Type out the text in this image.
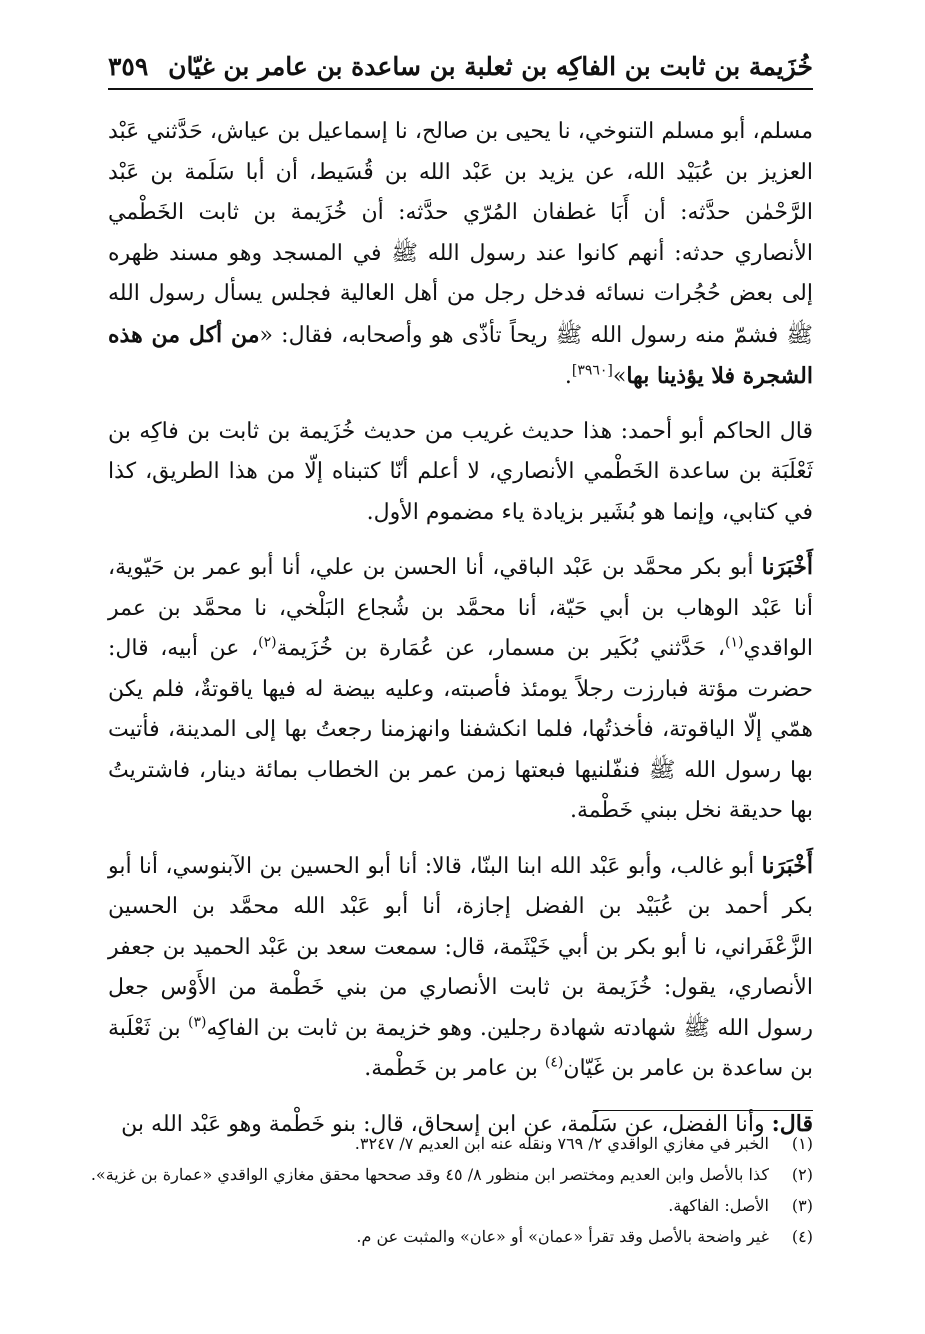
خُزَيمة بن ثابت بن الفاكِه بن ثعلبة بن ساعدة بن عامر بن غيّان
٣٥٩

مسلم، أبو مسلم التنوخي، نا يحيى بن صالح، نا إسماعيل بن عياش، حَدَّثني عَبْد العزيز بن عُبَيْد الله، عن يزيد بن عَبْد الله بن قُسَيط، أن أبا سَلَمة بن عَبْد الرَّحْمٰن حدَّثه: أن أَبَا غطفان المُرّي حدَّثه: أن خُزَيمة بن ثابت الخَطْمي الأنصاري حدثه: أنهم كانوا عند رسول الله ﷺ في المسجد وهو مسند ظهره إلى بعض حُجُرات نسائه فدخل رجل من أهل العالية فجلس يسأل رسول الله ﷺ فشمّ منه رسول الله ﷺ ريحاً تأذّى هو وأصحابه، فقال: «من أكل من هذه الشجرة فلا يؤذينا بها»[٣٩٦٠].

قال الحاكم أبو أحمد: هذا حديث غريب من حديث خُزَيمة بن ثابت بن فاكِه بن ثَعْلَبَة بن ساعدة الخَطْمي الأنصاري، لا أعلم أنّا كتبناه إلّا من هذا الطريق، كذا في كتابي، وإنما هو بُشَير بزيادة ياء مضموم الأول.

أَخْبَرَنا أبو بكر محمَّد بن عَبْد الباقي، أنا الحسن بن علي، أنا أبو عمر بن حَيّوية، أنا عَبْد الوهاب بن أبي حَيّة، أنا محمَّد بن شُجاع البَلْخي، نا محمَّد بن عمر الواقدي$^{(١)}$، حَدَّثني بُكَير بن مسمار، عن عُمَارة بن خُزَيمة$^{(٢)}$، عن أبيه، قال: حضرت مؤتة فبارزت رجلاً يومئذ فأصبته، وعليه بيضة له فيها ياقوتةٌ، فلم يكن همّي إلّا الياقوتة، فأخذتُها، فلما انكشفنا وانهزمنا رجعتُ بها إلى المدينة، فأتيت بها رسول الله ﷺ فنفّلنيها فبعتها زمن عمر بن الخطاب بمائة دينار، فاشتريتُ بها حديقة نخل ببني خَطْمة.

أَخْبَرَنا أبو غالب، وأبو عَبْد الله ابنا البنّا، قالا: أنا أبو الحسين بن الآبنوسي، أنا أبو بكر أحمد بن عُبَيْد بن الفضل إجازة، أنا أبو عَبْد الله محمَّد بن الحسين الزَّعْفَراني، نا أبو بكر بن أبي خَيْثَمة، قال: سمعت سعد بن عَبْد الحميد بن جعفر الأنصاري، يقول: خُزَيمة بن ثابت الأنصاري من بني خَطْمة من الأَوْس جعل رسول الله ﷺ شهادته شهادة رجلين. وهو خزيمة بن ثابت بن الفاكِه$^{(٣)}$ بن ثَعْلَبة بن ساعدة بن عامر بن غَيّان$^{(٤)}$ بن عامر بن خَطْمة.

قال: وأنا الفضل، عن سَلَمة، عن ابن إسحاق، قال: بنو خَطْمة وهو عَبْد الله بن

(١)
الخبر في مغازي الواقدي ٢/ ٧٦٩ ونقله عنه ابن العديم ٧/ ٣٢٤٧.
(٢)
كذا بالأصل وابن العديم ومختصر ابن منظور ٨/ ٤٥ وقد صححها محقق مغازي الواقدي «عمارة بن غزية».
(٣)
الأصل: الفاكهة.
(٤)
غير واضحة بالأصل وقد تقرأ «عمان» أو «عان» والمثبت عن م.
